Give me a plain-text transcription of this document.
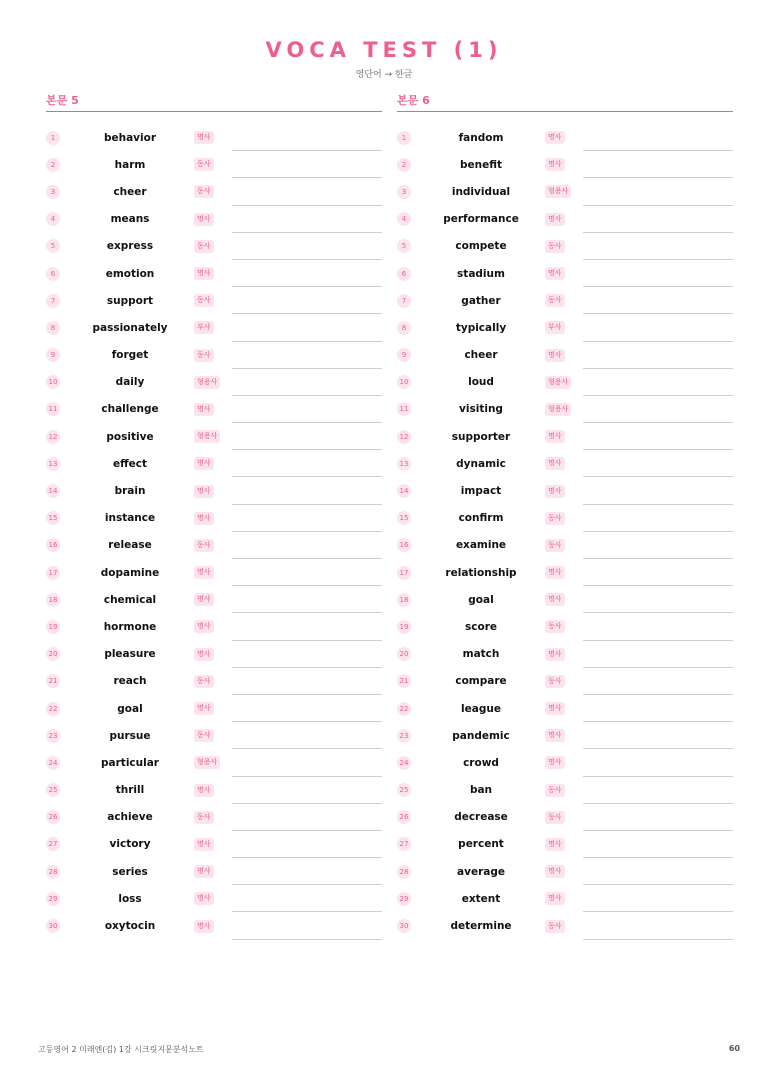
VOCA TEST (1)
영단어 → 한글
본문 5
1	behavior	명사
2	harm	동사
3	cheer	동사
4	means	명사
5	express	동사
6	emotion	명사
7	support	동사
8	passionately	부사
9	forget	동사
10	daily	형용사
11	challenge	명사
12	positive	형용사
13	effect	명사
14	brain	명사
15	instance	명사
16	release	동사
17	dopamine	명사
18	chemical	명사
19	hormone	명사
20	pleasure	명사
21	reach	동사
22	goal	명사
23	pursue	동사
24	particular	형용사
25	thrill	명사
26	achieve	동사
27	victory	명사
28	series	명사
29	loss	명사
30	oxytocin	명사
본문 6
1	fandom	명사
2	benefit	명사
3	individual	형용사
4	performance	명사
5	compete	동사
6	stadium	명사
7	gather	동사
8	typically	부사
9	cheer	명사
10	loud	형용사
11	visiting	형용사
12	supporter	명사
13	dynamic	명사
14	impact	명사
15	confirm	동사
16	examine	동사
17	relationship	명사
18	goal	명사
19	score	동사
20	match	명사
21	compare	동사
22	league	명사
23	pandemic	명사
24	crowd	명사
25	ban	동사
26	decrease	동사
27	percent	명사
28	average	명사
29	extent	명사
30	determine	동사
고등영어 2 미래엔(김) 1강 시크릿지문분석노트	60
